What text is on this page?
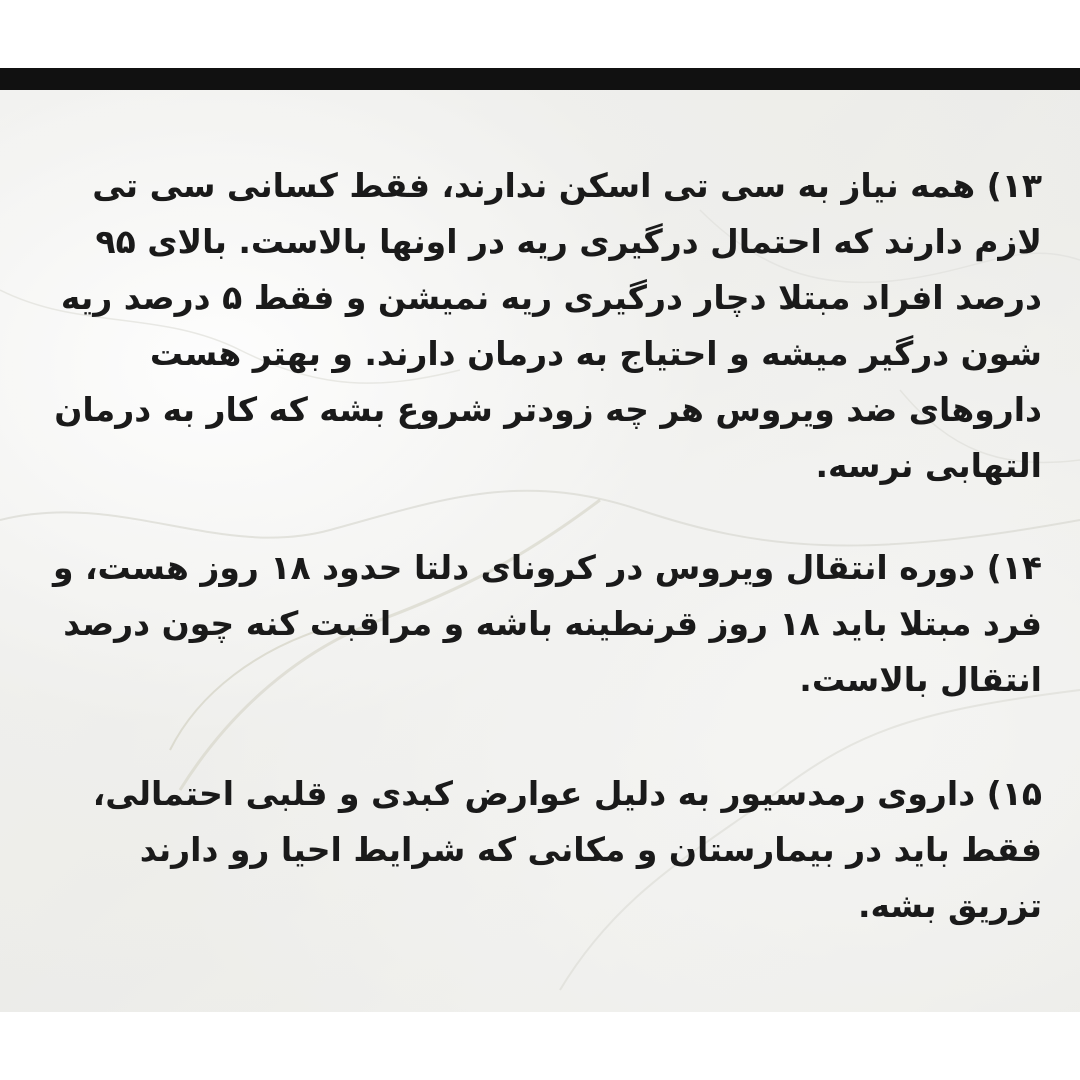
۱۳) همه نیاز به سی تی اسکن ندارند، فقط کسانی سی تی لازم دارند که احتمال درگیری ریه در اونها بالاست. بالای ۹۵ درصد افراد مبتلا دچار درگیری ریه نمیشن و فقط ۵ درصد ریه شون درگیر میشه و احتیاج به درمان دارند. و بهتر هست داروهای ضد ویروس هر چه زودتر شروع بشه که کار به درمان التهابی نرسه.
۱۴) دوره انتقال ویروس در کرونای دلتا حدود ۱۸ روز هست، و فرد مبتلا باید ۱۸ روز قرنطینه باشه و مراقبت کنه چون درصد انتقال بالاست.
۱۵) داروی رمدسیور به دلیل عوارض کبدی و قلبی احتمالی، فقط باید در بیمارستان و مکانی که شرایط احیا رو دارند تزریق بشه.
